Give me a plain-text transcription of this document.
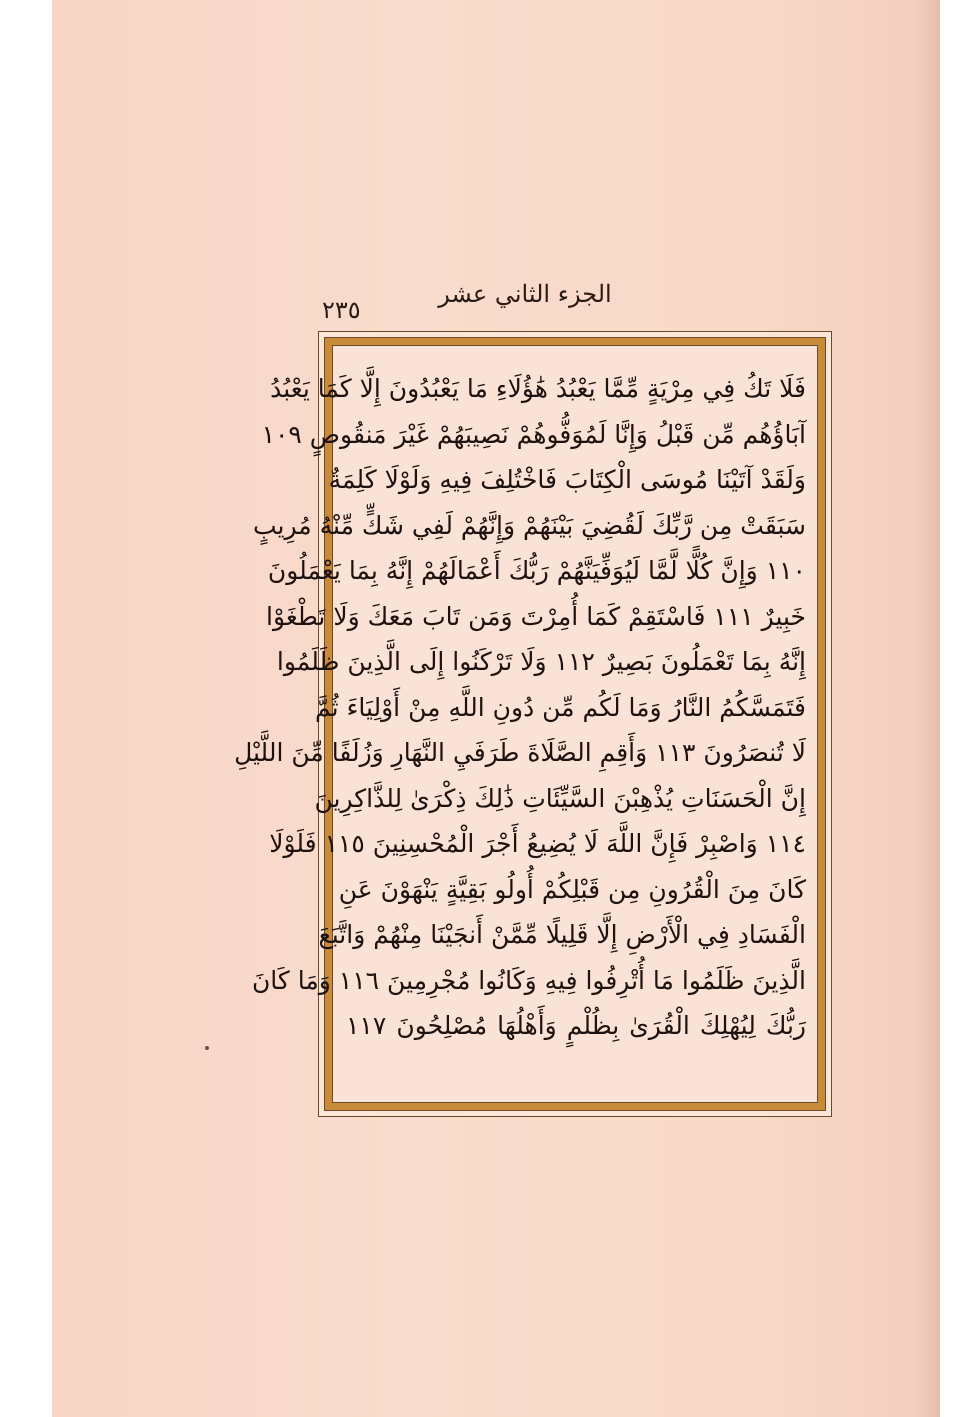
الجزء الثاني عشر
٢٣٥
فَلَا تَكُ فِي مِرْيَةٍ مِّمَّا يَعْبُدُ هَٰؤُلَاءِ مَا يَعْبُدُونَ إِلَّا كَمَا يَعْبُدُ
آبَاؤُهُم مِّن قَبْلُ وَإِنَّا لَمُوَفُّوهُمْ نَصِيبَهُمْ غَيْرَ مَنقُوصٍ ١٠٩
وَلَقَدْ آتَيْنَا مُوسَى الْكِتَابَ فَاخْتُلِفَ فِيهِ وَلَوْلَا كَلِمَةٌ
سَبَقَتْ مِن رَّبِّكَ لَقُضِيَ بَيْنَهُمْ وَإِنَّهُمْ لَفِي شَكٍّ مِّنْهُ مُرِيبٍ
١١٠ وَإِنَّ كُلًّا لَّمَّا لَيُوَفِّيَنَّهُمْ رَبُّكَ أَعْمَالَهُمْ إِنَّهُ بِمَا يَعْمَلُونَ
خَبِيرٌ ١١١ فَاسْتَقِمْ كَمَا أُمِرْتَ وَمَن تَابَ مَعَكَ وَلَا تَطْغَوْا
إِنَّهُ بِمَا تَعْمَلُونَ بَصِيرٌ ١١٢ وَلَا تَرْكَنُوا إِلَى الَّذِينَ ظَلَمُوا
فَتَمَسَّكُمُ النَّارُ وَمَا لَكُم مِّن دُونِ اللَّهِ مِنْ أَوْلِيَاءَ ثُمَّ
لَا تُنصَرُونَ ١١٣ وَأَقِمِ الصَّلَاةَ طَرَفَيِ النَّهَارِ وَزُلَفًا مِّنَ اللَّيْلِ
إِنَّ الْحَسَنَاتِ يُذْهِبْنَ السَّيِّئَاتِ ذَٰلِكَ ذِكْرَىٰ لِلذَّاكِرِينَ
١١٤ وَاصْبِرْ فَإِنَّ اللَّهَ لَا يُضِيعُ أَجْرَ الْمُحْسِنِينَ ١١٥ فَلَوْلَا
كَانَ مِنَ الْقُرُونِ مِن قَبْلِكُمْ أُولُو بَقِيَّةٍ يَنْهَوْنَ عَنِ
الْفَسَادِ فِي الْأَرْضِ إِلَّا قَلِيلًا مِّمَّنْ أَنجَيْنَا مِنْهُمْ وَاتَّبَعَ
الَّذِينَ ظَلَمُوا مَا أُتْرِفُوا فِيهِ وَكَانُوا مُجْرِمِينَ ١١٦ وَمَا كَانَ
رَبُّكَ لِيُهْلِكَ الْقُرَىٰ بِظُلْمٍ وَأَهْلُهَا مُصْلِحُونَ ١١٧
